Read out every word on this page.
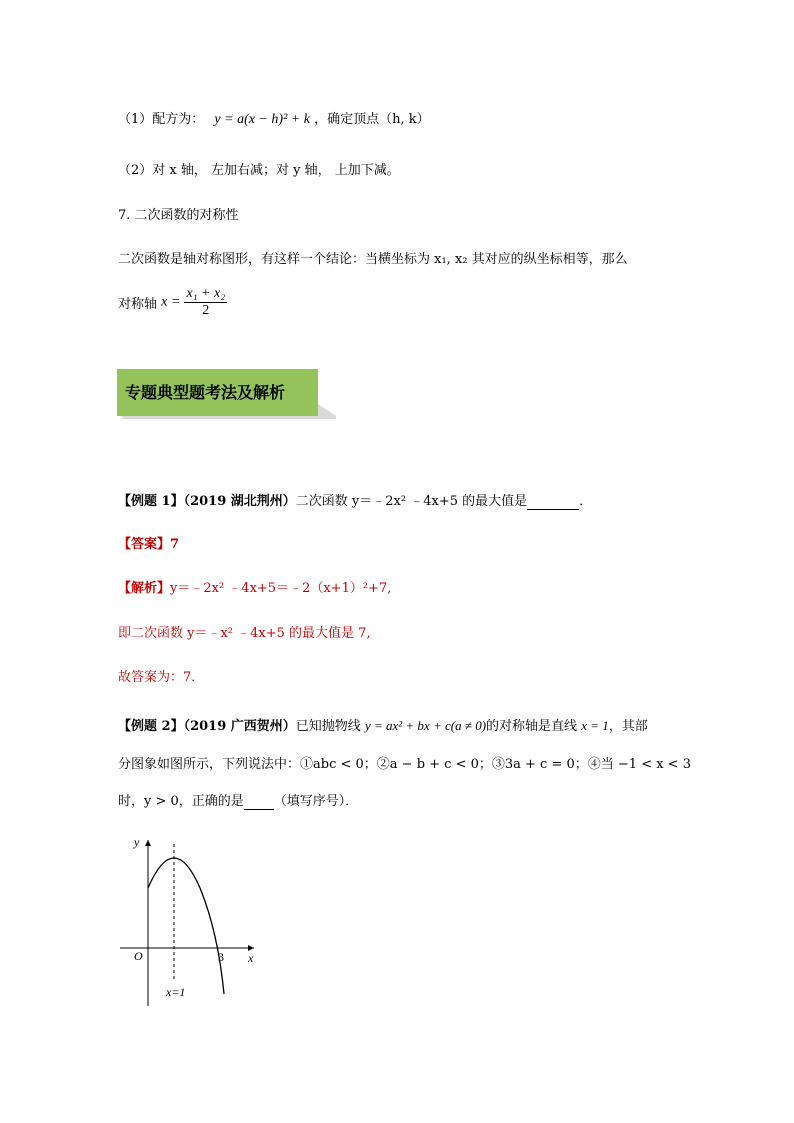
（1）配方为： y = a(x − h)² + k ，确定顶点（h, k）
（2）对 x 轴， 左加右减；对 y 轴， 上加下减。
7. 二次函数的对称性
二次函数是轴对称图形，有这样一个结论：当横坐标为 x₁, x₂ 其对应的纵坐标相等，那么
对称轴 $x = \frac{\text{x₁ + x₂}}{2}$
专题典型题考法及解析
【例题 1】（2019 湖北荆州）二次函数 y＝﹣2x² ﹣4x+5 的最大值是	．
【答案】7
【解析】y＝﹣2x² ﹣4x+5＝﹣2（x+1）²+7,
即二次函数 y＝﹣x² ﹣4x+5 的最大值是 7,
故答案为：7．
【例题 2】（2019 广西贺州）已知抛物线 y = ax² + bx + c(a ≠ 0)的对称轴是直线 x = 1，其部
分图象如图所示，下列说法中：①abc < 0；②a − b + c < 0；③3a + c = 0；④当 −1 < x < 3
时，y > 0，正确的是 （填写序号）．
y
x
O	3
x=1
